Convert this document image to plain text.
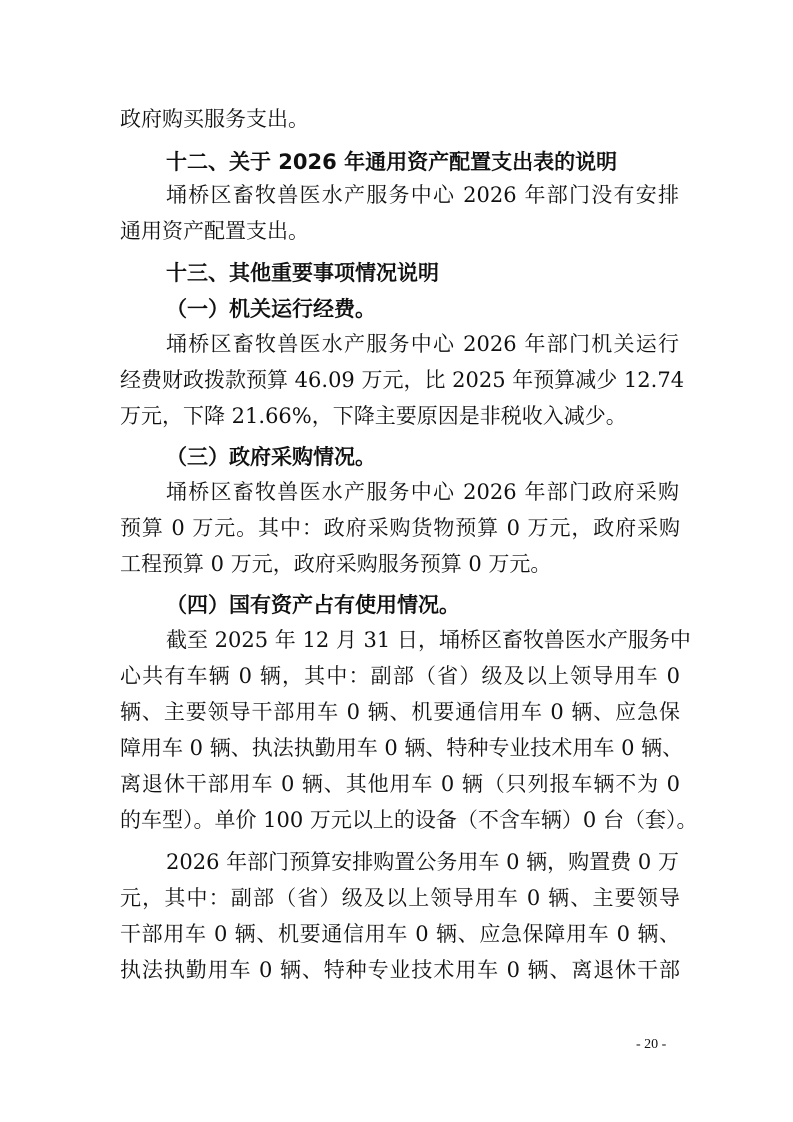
政府购买服务支出。
十二、关于 2026 年通用资产配置支出表的说明
埇桥区畜牧兽医水产服务中心 2026 年部门没有安排
通用资产配置支出。
十三、其他重要事项情况说明
（一）机关运行经费。
埇桥区畜牧兽医水产服务中心 2026 年部门机关运行
经费财政拨款预算 46.09 万元，比 2025 年预算减少 12.74
万元，下降 21.66%，下降主要原因是非税收入减少。
（三）政府采购情况。
埇桥区畜牧兽医水产服务中心 2026 年部门政府采购
预算 0 万元。其中：政府采购货物预算 0 万元，政府采购
工程预算 0 万元，政府采购服务预算 0 万元。
（四）国有资产占有使用情况。
截至 2025 年 12 月 31 日，埇桥区畜牧兽医水产服务中
心共有车辆 0 辆，其中：副部（省）级及以上领导用车 0
辆、主要领导干部用车 0 辆、机要通信用车 0 辆、应急保
障用车 0 辆、执法执勤用车 0 辆、特种专业技术用车 0 辆、
离退休干部用车 0 辆、其他用车 0 辆（只列报车辆不为 0
的车型）。单价 100 万元以上的设备（不含车辆）0 台（套）。
2026 年部门预算安排购置公务用车 0 辆，购置费 0 万
元，其中：副部（省）级及以上领导用车 0 辆、主要领导
干部用车 0 辆、机要通信用车 0 辆、应急保障用车 0 辆、
执法执勤用车 0 辆、特种专业技术用车 0 辆、离退休干部
- 20 -
